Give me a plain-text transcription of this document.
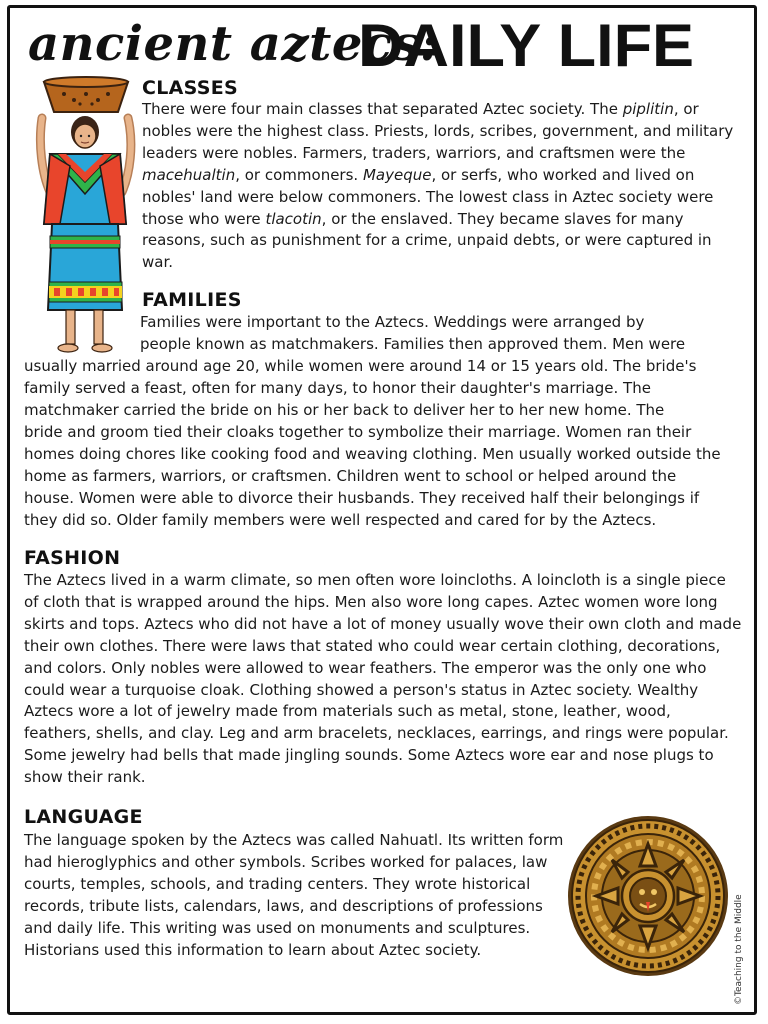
ancient aztecs:
DAILY LIFE
CLASSES

There were four main classes that separated Aztec society. The piplitin, or nobles were the highest class. Priests, lords, scribes, government, and military leaders were nobles. Farmers, traders, warriors, and craftsmen were the macehualtin, or commoners. Mayeque, or serfs, who worked and lived on nobles' land were below commoners. The lowest class in Aztec society were those who were tlacotin, or the enslaved. They became slaves for many reasons, such as punishment for a crime, unpaid debts, or were captured in war.

FAMILIES

Families were important to the Aztecs. Weddings were arranged by

people known as matchmakers. Families then approved them. Men were

usually married around age 20, while women were around 14 or 15 years old. The bride's

family served a feast, often for many days, to honor their daughter's marriage. The

matchmaker carried the bride on his or her back to deliver her to her new home. The

bride and groom tied their cloaks together to symbolize their marriage. Women ran their

homes doing chores like cooking food and weaving clothing. Men usually worked outside the

home as farmers, warriors, or craftsmen. Children went to school or helped around the

house. Women were able to divorce their husbands. They received half their belongings if

they did so. Older family members were well respected and cared for by the Aztecs.

FASHION

The Aztecs lived in a warm climate, so men often wore loincloths. A loincloth is a single piece of cloth that is wrapped around the hips. Men also wore long capes. Aztec women wore long skirts and tops. Aztecs who did not have a lot of money usually wove their own cloth and made their own clothes. There were laws that stated who could wear certain clothing, decorations, and colors. Only nobles were allowed to wear feathers. The emperor was the only one who could wear a turquoise cloak. Clothing showed a person's status in Aztec society. Wealthy Aztecs wore a lot of jewelry made from materials such as metal, stone, leather, wood, feathers, shells, and clay. Leg and arm bracelets, necklaces, earrings, and rings were popular. Some jewelry had bells that made jingling sounds. Some Aztecs wore ear and nose plugs to show their rank.

LANGUAGE

The language spoken by the Aztecs was called Nahuatl. Its written form had hieroglyphics and other symbols. Scribes worked for palaces, law courts, temples, schools, and trading centers. They wrote historical records, tribute lists, calendars, laws, and descriptions of professions and daily life. This writing was used on monuments and sculptures. Historians used this information to learn about Aztec society.	©Teaching to the Middle
